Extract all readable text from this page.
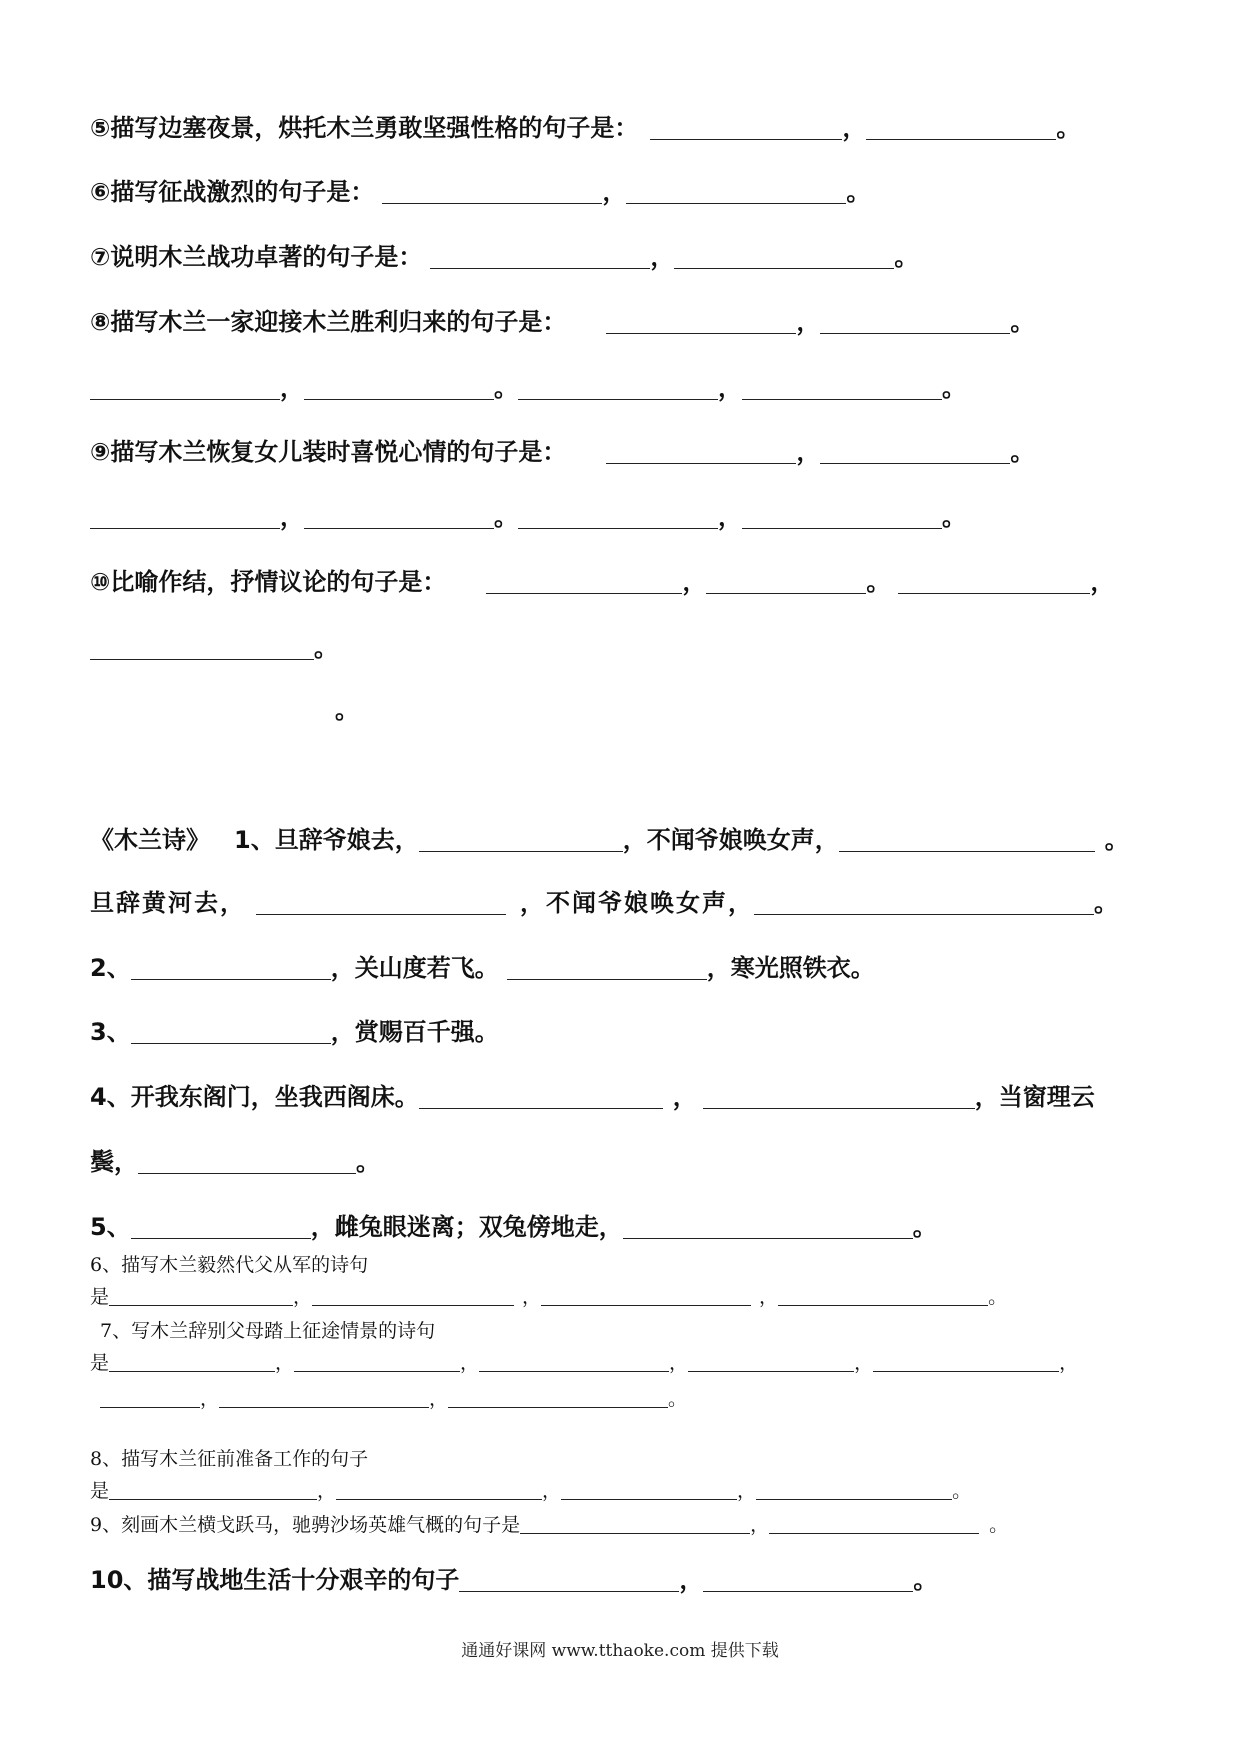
⑤描写边塞夜景，烘托木兰勇敢坚强性格的句子是：	，	。
⑥描写征战激烈的句子是：	，	。
⑦说明木兰战功卓著的句子是：	，	。
⑧描写木兰一家迎接木兰胜利归来的句子是：	，	。
，	。	，	。
⑨描写木兰恢复女儿装时喜悦心情的句子是：	，	。
，	。	，	。
⑩比喻作结，抒情议论的句子是：	，	。	，
。
。
《木兰诗》 1、旦辞爷娘去，	，不闻爷娘唤女声，	。
旦辞黄河去，	，不闻爷娘唤女声，	。
2、	，关山度若飞。	，寒光照铁衣。
3、	，赏赐百千强。
4、开我东阁门，坐我西阁床。	，	，当窗理云
鬓，	。
5、	，雌兔眼迷离；双兔傍地走，	。
6、描写木兰毅然代父从军的诗句
是	，	，	，	。
7、写木兰辞别父母踏上征途情景的诗句
是	，	，	，	，	，
，	，	。
8、描写木兰征前准备工作的句子
是	，	，	，	。
9、刻画木兰横戈跃马，驰骋沙场英雄气概的句子是	，	。
10、描写战地生活十分艰辛的句子	，	。
通通好课网 www.tthaoke.com 提供下载
